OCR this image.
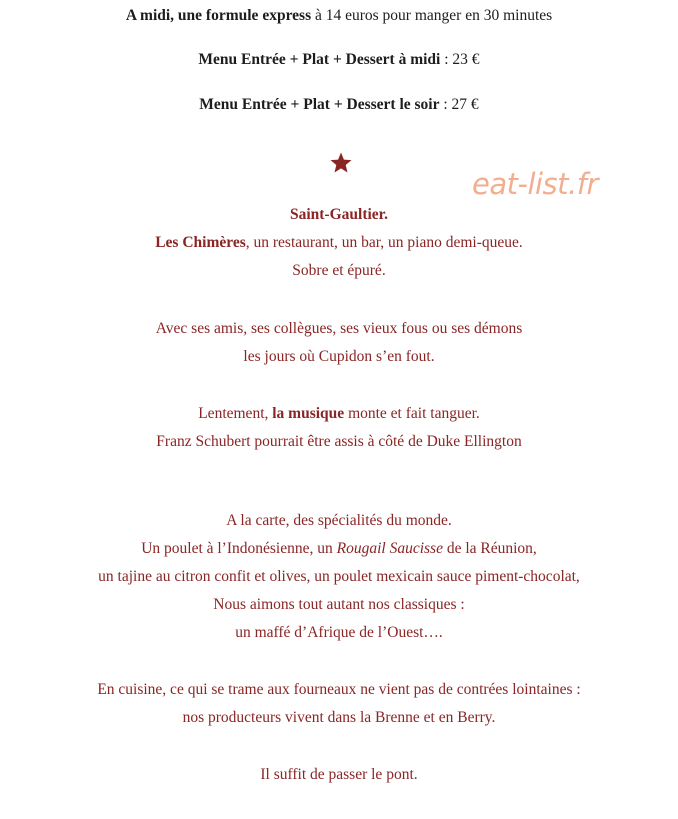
A midi, une formule express à 14 euros pour manger en 30 minutes
Menu Entrée + Plat + Dessert à midi : 23 €
Menu Entrée + Plat + Dessert le soir : 27 €
eat-list.fr
Saint-Gaultier.
Les Chimères, un restaurant, un bar, un piano demi-queue.
Sobre et épuré.
Avec ses amis, ses collègues, ses vieux fous ou ses démons
les jours où Cupidon s’en fout.
Lentement, la musique monte et fait tanguer.
Franz Schubert pourrait être assis à côté de Duke Ellington
A la carte, des spécialités du monde.
Un poulet à l’Indonésienne, un Rougail Saucisse de la Réunion,
un tajine au citron confit et olives, un poulet mexicain sauce piment-chocolat,
Nous aimons tout autant nos classiques :
un maffé d’Afrique de l’Ouest….
En cuisine, ce qui se trame aux fourneaux ne vient pas de contrées lointaines :
nos producteurs vivent dans la Brenne et en Berry.
Il suffit de passer le pont.
